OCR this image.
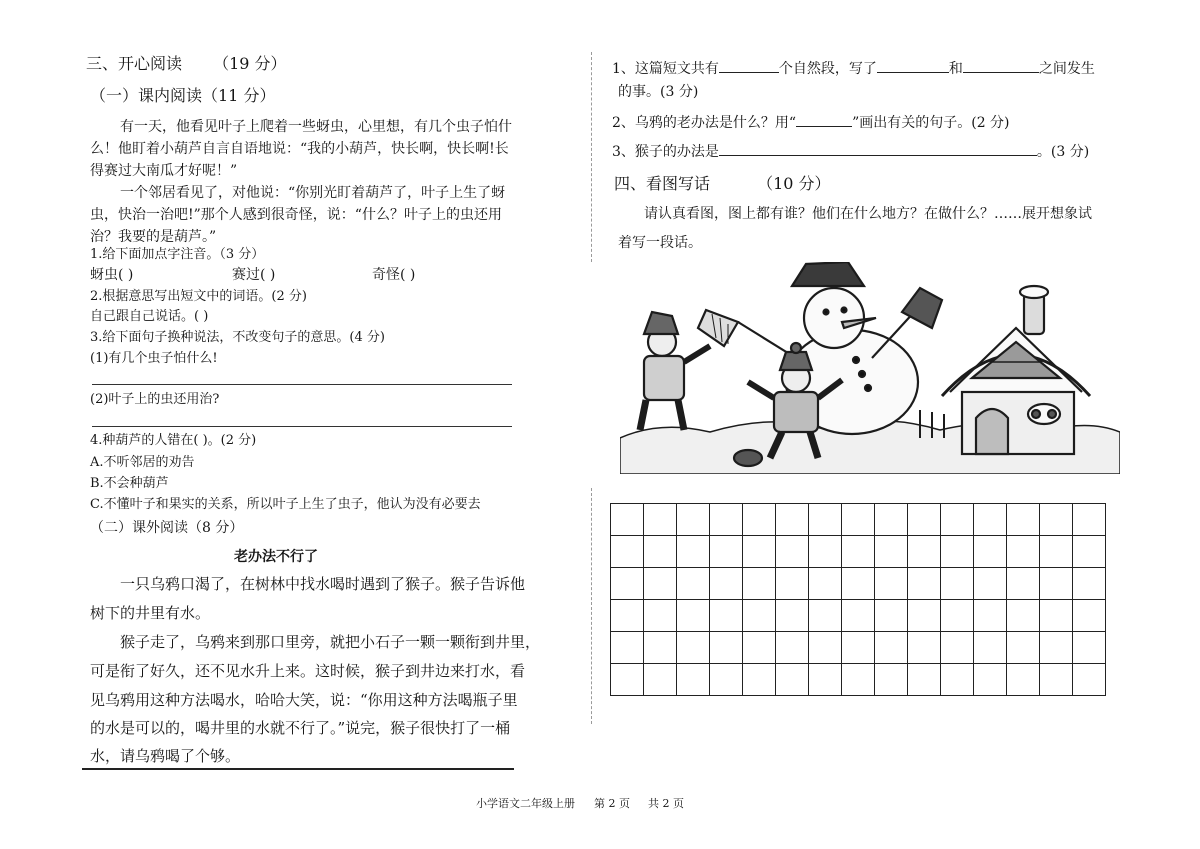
三、开心阅读 （19 分）
（一）课内阅读（11 分）
有一天，他看见叶子上爬着一些蚜虫，心里想，有几个虫子怕什
么！他盯着小葫芦自言自语地说：“我的小葫芦，快长啊，快长啊!长
得赛过大南瓜才好呢！”
一个邻居看见了，对他说：“你别光盯着葫芦了，叶子上生了蚜
虫，快治一治吧!”那个人感到很奇怪，说：“什么？叶子上的虫还用
治？我要的是葫芦。”
1.给下面加点字注音。（3 分）
蚜虫( )	赛过( )	奇怪( )
2.根据意思写出短文中的词语。(2 分)
自己跟自己说话。( )
3.给下面句子换种说法，不改变句子的意思。(4 分)
(1)有几个虫子怕什么!
(2)叶子上的虫还用治?
4.种葫芦的人错在( )。(2 分)
A.不听邻居的劝告
B.不会种葫芦
C.不懂叶子和果实的关系，所以叶子上生了虫子，他认为没有必要去
（二）课外阅读（8 分）
老办法不行了
一只乌鸦口渴了，在树林中找水喝时遇到了猴子。猴子告诉他
树下的井里有水。
猴子走了，乌鸦来到那口里旁，就把小石子一颗一颗衔到井里，
可是衔了好久，还不见水升上来。这时候，猴子到井边来打水，看
见乌鸦用这种方法喝水，哈哈大笑，说：“你用这种方法喝瓶子里
的水是可以的，喝井里的水就不行了。”说完，猴子很快打了一桶
水，请乌鸦喝了个够。
1、这篇短文共有	个自然段，写了	和	之间发生
的事。(3 分)
2、乌鸦的老办法是什么？用“	”画出有关的句子。(2 分)
3、猴子的办法是	。(3 分)
四、看图写话	（10 分）
请认真看图，图上都有谁？他们在什么地方？在做什么？……展开想象试
着写一段话。

小学语文二年级上册 第 2 页 共 2 页
